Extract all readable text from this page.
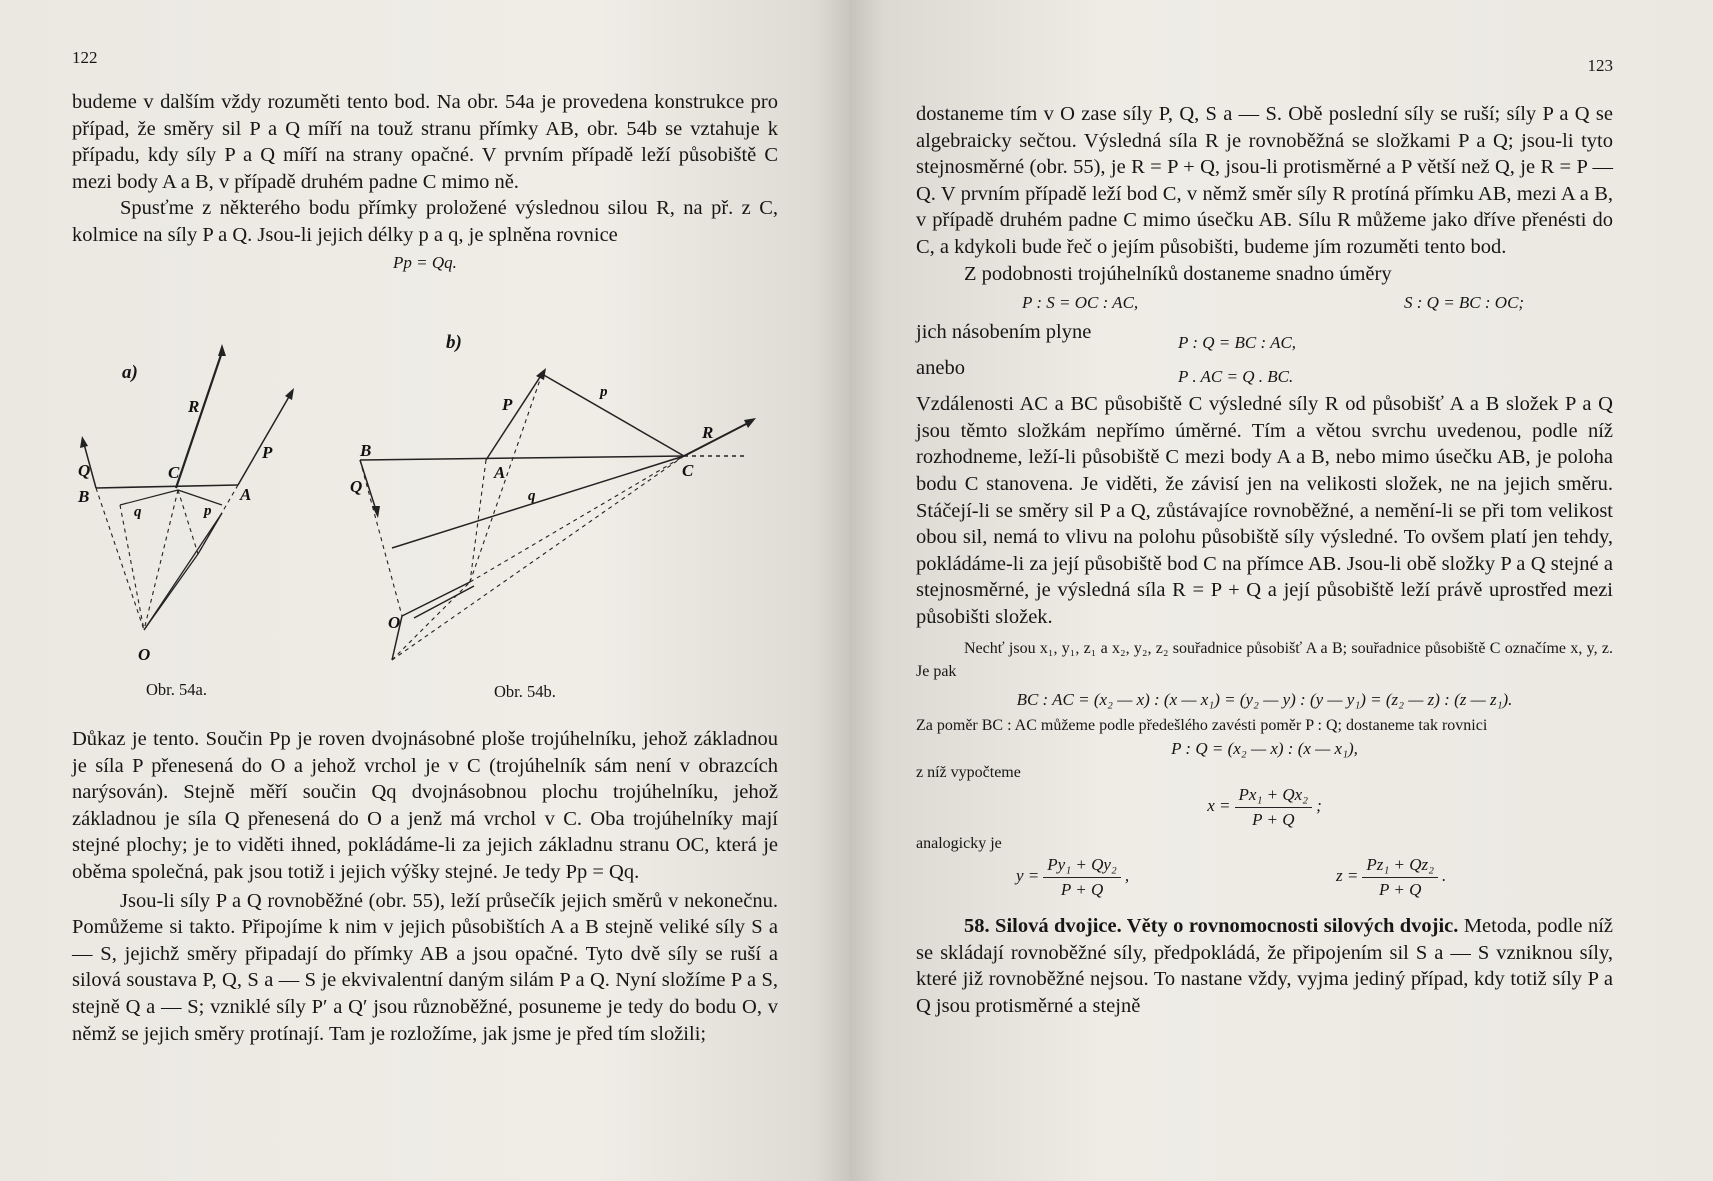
122

budeme v dalším vždy rozuměti tento bod. Na obr. 54a je provedena konstrukce pro případ, že směry sil P a Q míří na touž stranu přímky AB, obr. 54b se vztahuje k případu, kdy síly P a Q míří na strany opačné. V prvním případě leží působiště C mezi body A a B, v případě druhém padne C mimo ně.

Spusťme z některého bodu přímky proložené výslednou silou R, na př. z C, kolmice na síly P a Q. Jsou-li jejich délky p a q, je splněna rovnice

Pp = Qq.

a)
R
P
Q
B
C
A
q	p
O
Obr. 54a.
b)
P
p
R
B
A	C
Q	q
O
Obr. 54b.

Důkaz je tento. Součin Pp je roven dvojnásobné ploše trojúhelníku, jehož základnou je síla P přenesená do O a jehož vrchol je v C (trojúhelník sám není v obrazcích narýsován). Stejně měří součin Qq dvojnásobnou plochu trojúhelníku, jehož základnou je síla Q přenesená do O a jenž má vrchol v C. Oba trojúhelníky mají stejné plochy; je to viděti ihned, pokládáme-li za jejich základnu stranu OC, která je oběma společná, pak jsou totiž i jejich výšky stejné. Je tedy Pp = Qq.

Jsou-li síly P a Q rovnoběžné (obr. 55), leží průsečík jejich směrů v nekonečnu. Pomůžeme si takto. Připojíme k nim v jejich působištích A a B stejně veliké síly S a — S, jejichž směry připadají do přímky AB a jsou opačné. Tyto dvě síly se ruší a silová soustava P, Q, S a — S je ekvivalentní daným silám P a Q. Nyní složíme P a S, stejně Q a — S; vzniklé síly P′ a Q′ jsou různoběžné, posuneme je tedy do bodu O, v němž se jejich směry protínají. Tam je rozložíme, jak jsme je před tím složili;

123

dostaneme tím v O zase síly P, Q, S a — S. Obě poslední síly se ruší; síly P a Q se algebraicky sečtou. Výsledná síla R je rovnoběžná se složkami P a Q; jsou-li tyto stejnosměrné (obr. 55), je R = P + Q, jsou-li protisměrné a P větší než Q, je R = P — Q. V prvním případě leží bod C, v němž směr síly R protíná přímku AB, mezi A a B, v případě druhém padne C mimo úsečku AB. Sílu R můžeme jako dříve přenésti do C, a kdykoli bude řeč o jejím působišti, budeme jím rozuměti tento bod.

Z podobnosti trojúhelníků dostaneme snadno úměry

P : S = OC : AC,	S : Q = BC : OC;
jich násobením plyne	P : Q = BC : AC,
anebo	P . AC = Q . BC.

Vzdálenosti AC a BC působiště C výsledné síly R od působišť A a B složek P a Q jsou těmto složkám nepřímo úměrné. Tím a větou svrchu uvedenou, podle níž rozhodneme, leží-li působiště C mezi body A a B, nebo mimo úsečku AB, je poloha bodu C stanovena. Je viděti, že závisí jen na velikosti složek, ne na jejich směru. Stáčejí-li se směry sil P a Q, zůstávajíce rovnoběžné, a nemění-li se při tom velikost obou sil, nemá to vlivu na polohu působiště síly výsledné. To ovšem platí jen tehdy, pokládáme-li za její působiště bod C na přímce AB. Jsou-li obě složky P a Q stejné a stejnosměrné, je výsledná síla R = P + Q a její působiště leží právě uprostřed mezi působišti složek.

Nechť jsou x₁, y₁, z₁ a x₂, y₂, z₂ souřadnice působišť A a B; souřadnice působiště C označíme x, y, z. Je pak

BC : AC = (x₂ — x) : (x — x₁) = (y₂ — y) : (y — y₁) = (z₂ — z) : (z — z₁).

Za poměr BC : AC můžeme podle předešlého zavésti poměr P : Q; dostaneme tak rovnici

P : Q = (x₂ — x) : (x — x₁),

z níž vypočteme

$x = \frac{\text{Px₁ + Qx₂}}{P + Q}$ ;

analogicky je

$y = \frac{\text{Py₁ + Qy₂}}{P + Q}$ ,	$z = \frac{\text{Pz₁ + Qz₂}}{P + Q}$ .

58. Silová dvojice. Věty o rovnomocnosti silových dvojic. Metoda, podle níž se skládají rovnoběžné síly, předpokládá, že připojením sil S a — S vzniknou síly, které již rovnoběžné nejsou. To nastane vždy, vyjma jediný případ, kdy totiž síly P a Q jsou protisměrné a stejně
